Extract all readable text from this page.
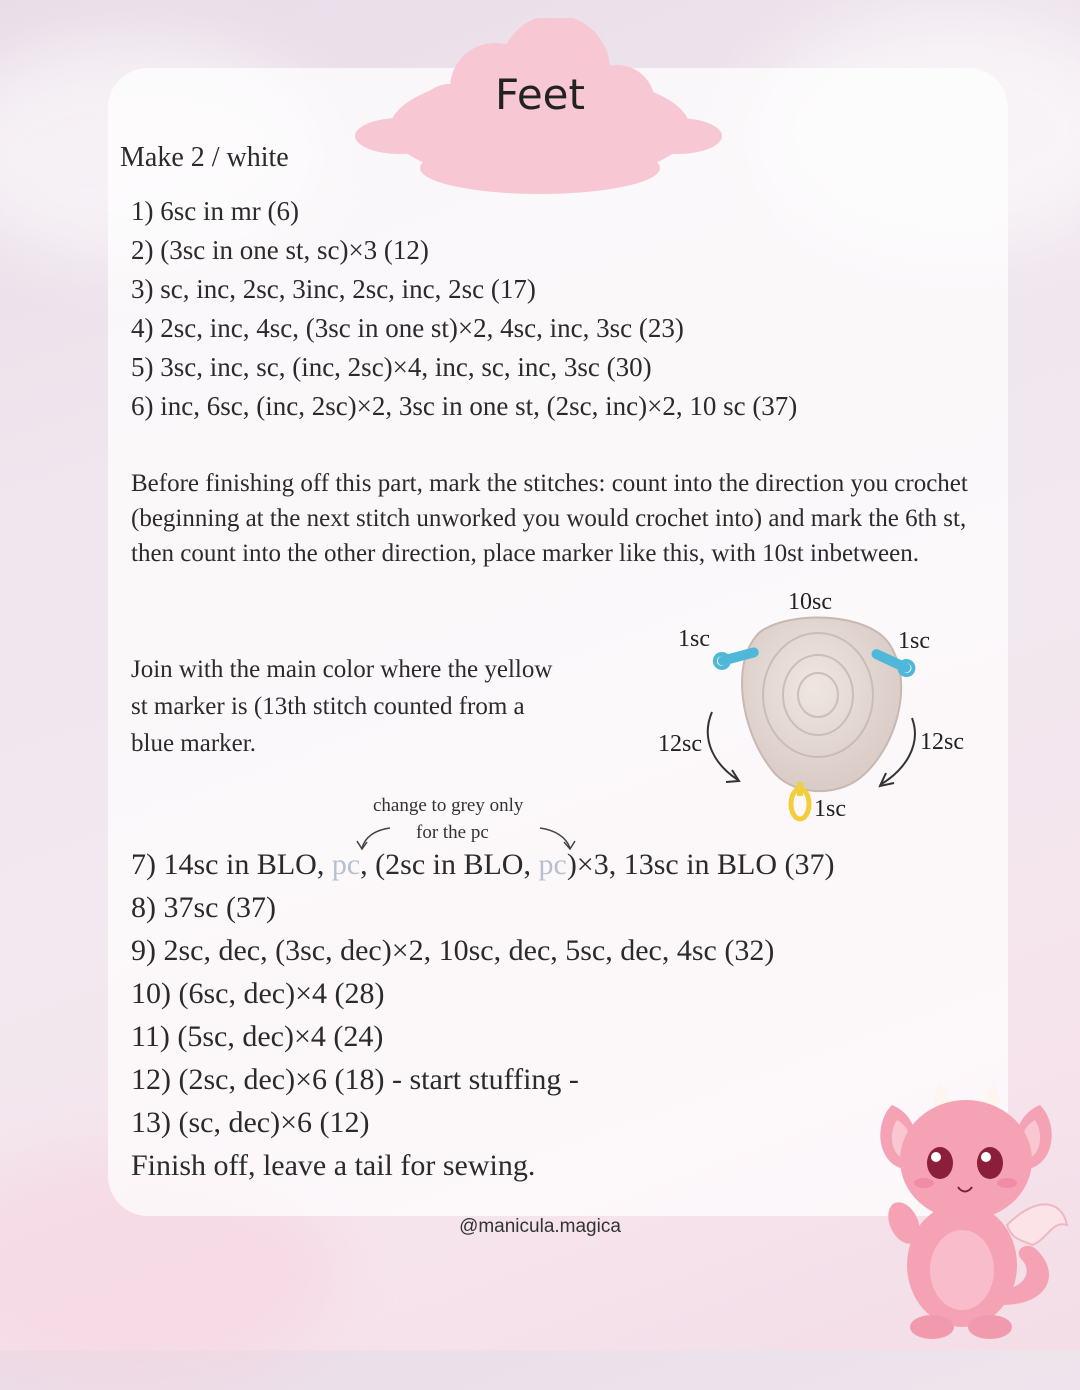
Feet
Make 2 / white
1) 6sc in mr (6)
2) (3sc in one st, sc)×3 (12)
3) sc, inc, 2sc, 3inc, 2sc, inc, 2sc (17)
4) 2sc, inc, 4sc, (3sc in one st)×2, 4sc, inc, 3sc (23)
5) 3sc, inc, sc, (inc, 2sc)×4, inc, sc, inc, 3sc (30)
6) inc, 6sc, (inc, 2sc)×2, 3sc in one st, (2sc, inc)×2, 10 sc (37)
Before finishing off this part, mark the stitches: count into the direction you crochet (beginning at the next stitch unworked you would crochet into) and mark the 6th st, then count into the other direction, place marker like this, with 10st inbetween.
Join with the main color where the yellow st marker is (13th stitch counted from a blue marker.
10sc
1sc	1sc
12sc	12sc
1sc
change to grey only
for the pc
7) 14sc in BLO, pc, (2sc in BLO, pc)×3, 13sc in BLO (37)
8) 37sc (37)
9) 2sc, dec, (3sc, dec)×2, 10sc, dec, 5sc, dec, 4sc (32)
10) (6sc, dec)×4 (28)
11) (5sc, dec)×4 (24)
12) (2sc, dec)×6 (18) - start stuffing -
13) (sc, dec)×6 (12)
Finish off, leave a tail for sewing.
@manicula.magica
